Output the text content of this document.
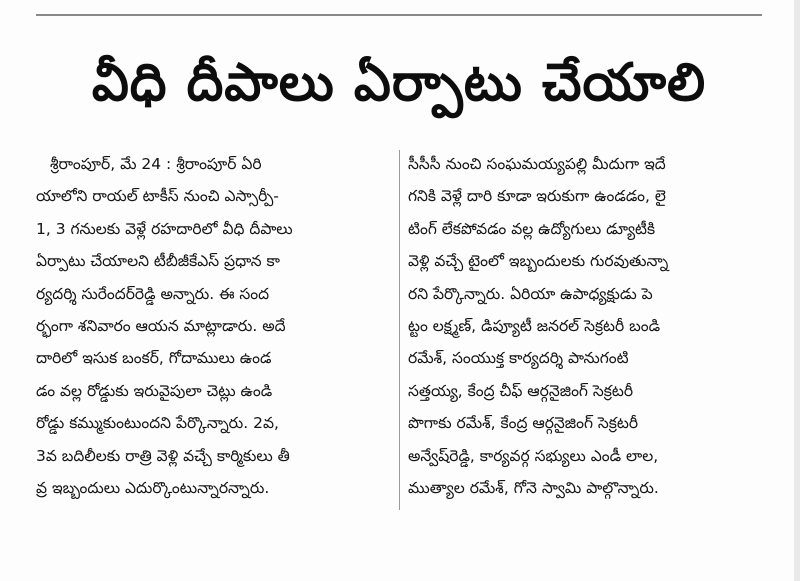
వీధి దీపాలు ఏర్పాటు చేయాలి
శ్రీరాంపూర్, మే 24 : శ్రీరాంపూర్ ఏరి
యాలోని రాయల్ టాకీస్ నుంచి ఎస్సార్పీ-
1, 3 గనులకు వెళ్లే రహదారిలో వీధి దీపాలు
ఏర్పాటు చేయాలని టీబీజీకేఎస్ ప్రధాన కా
ర్యదర్శి సురేందర్‌రెడ్డి అన్నారు. ఈ సంద
ర్భంగా శనివారం ఆయన మాట్లాడారు. అదే
దారిలో ఇసుక బంకర్, గోదాములు ఉండ
డం వల్ల రోడ్డుకు ఇరువైపులా చెట్లు ఉండి
రోడ్డు కమ్ముకుంటుందని పేర్కొన్నారు. 2వ,
3వ బదిలీలకు రాత్రి వెళ్లి వచ్చే కార్మికులు తీ
వ్ర ఇబ్బందులు ఎదుర్కొంటున్నారన్నారు.
సీసీసీ నుంచి సంఘమయ్యపల్లి మీదుగా ఇదే
గనికి వెళ్లే దారి కూడా ఇరుకుగా ఉండడం, లై
టింగ్ లేకపోవడం వల్ల ఉద్యోగులు డ్యూటీకి
వెళ్లి వచ్చే టైంలో ఇబ్బందులకు గురవుతున్నా
రని పేర్కొన్నారు. ఏరియా ఉపాధ్యక్షుడు పె
ట్టం లక్ష్మణ్, డిప్యూటీ జనరల్ సెక్రటరీ బండి
రమేశ్, సంయుక్త కార్యదర్శి పానుగంటి
సత్తయ్య, కేంద్ర చీఫ్ ఆర్గనైజింగ్ సెక్రటరీ
పొగాకు రమేశ్, కేంద్ర ఆర్గనైజింగ్ సెక్రటరీ
అన్వేష్‌రెడ్డి, కార్యవర్గ సభ్యులు ఎండీ లాల,
ముత్యాల రమేశ్, గోనె స్వామి పాల్గొన్నారు.
